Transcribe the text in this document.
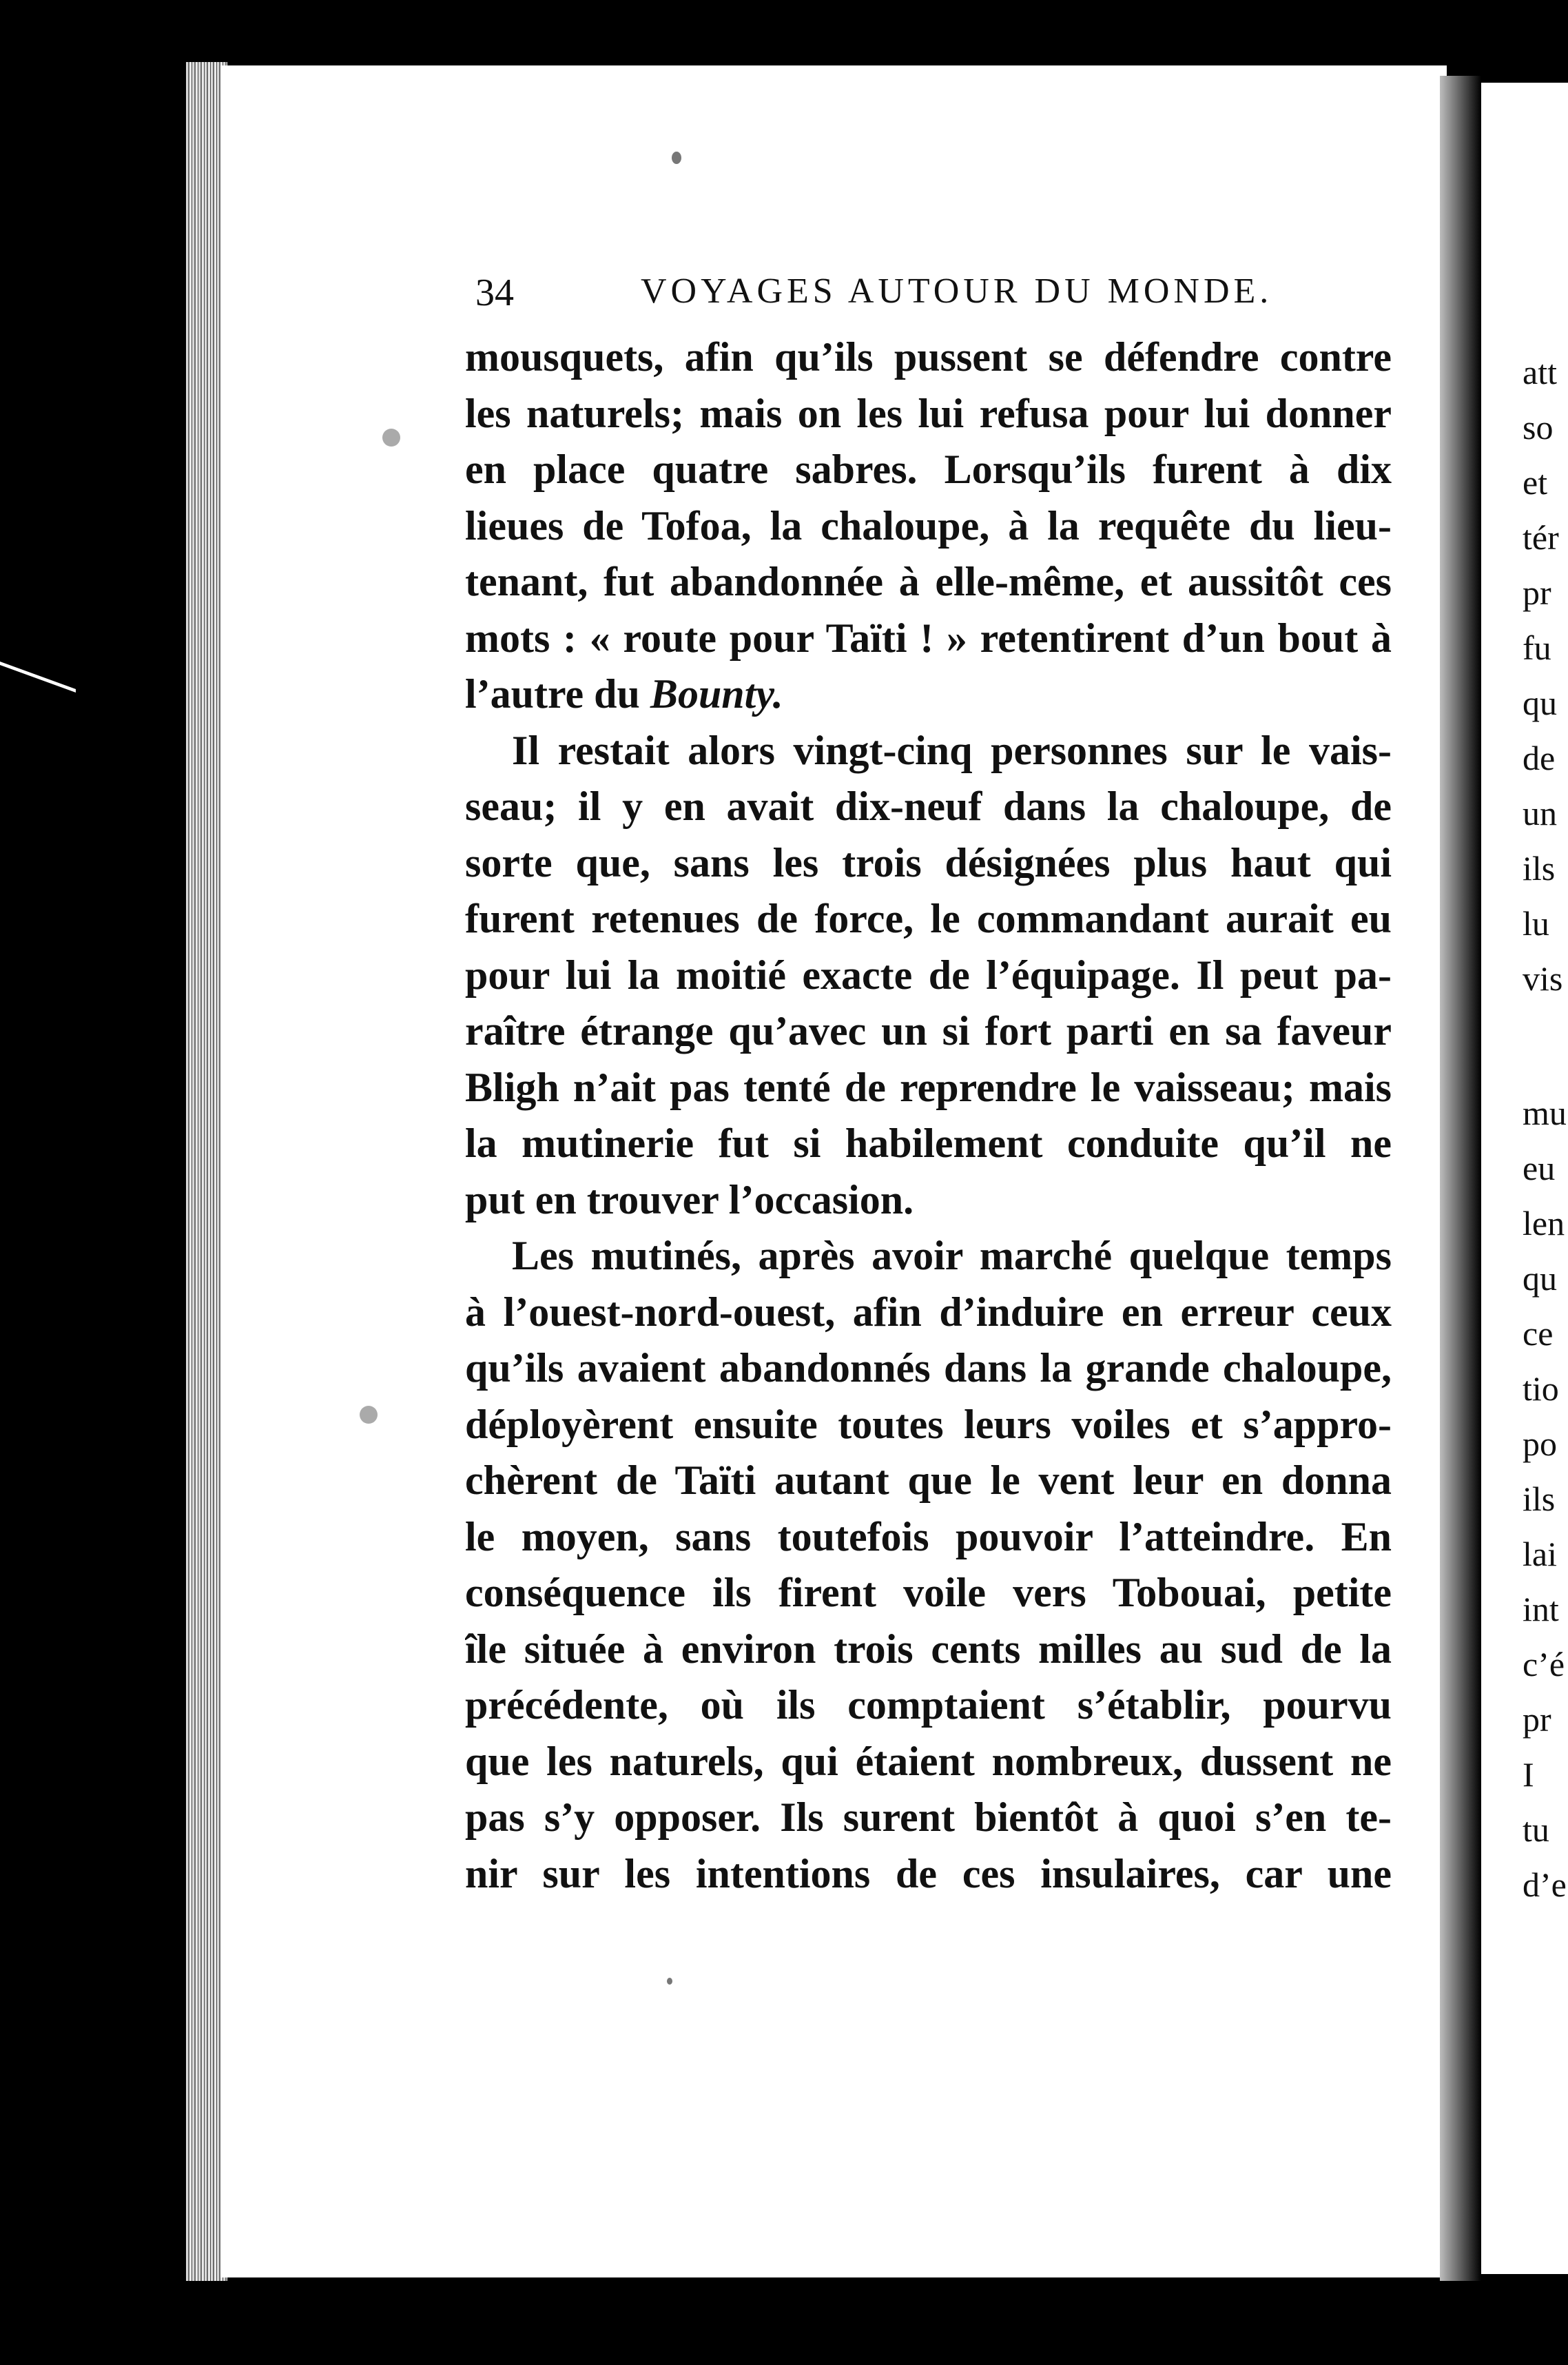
att
so
et
tér
pr
fu
qu
de
un
ils
lu
vis
mu
eu
len
qu
ce
tio
po
ils
lai
int
c’é
pr
I
tu
d’e
34	VOYAGES AUTOUR DU MONDE.
mousquets, afin qu’ils pussent se défendre contre
les naturels; mais on les lui refusa pour lui donner
en place quatre sabres. Lorsqu’ils furent à dix
lieues de Tofoa, la chaloupe, à la requête du lieu-
tenant, fut abandonnée à elle-même, et aussitôt ces
mots : « route pour Taïti ! » retentirent d’un bout à
l’autre du Bounty.
Il restait alors vingt-cinq personnes sur le vais-
seau; il y en avait dix-neuf dans la chaloupe, de
sorte que, sans les trois désignées plus haut qui
furent retenues de force, le commandant aurait eu
pour lui la moitié exacte de l’équipage. Il peut pa-
raître étrange qu’avec un si fort parti en sa faveur
Bligh n’ait pas tenté de reprendre le vaisseau; mais
la mutinerie fut si habilement conduite qu’il ne
put en trouver l’occasion.
Les mutinés, après avoir marché quelque temps
à l’ouest-nord-ouest, afin d’induire en erreur ceux
qu’ils avaient abandonnés dans la grande chaloupe,
déployèrent ensuite toutes leurs voiles et s’appro-
chèrent de Taïti autant que le vent leur en donna
le moyen, sans toutefois pouvoir l’atteindre. En
conséquence ils firent voile vers Tobouai, petite
île située à environ trois cents milles au sud de la
précédente, où ils comptaient s’établir, pourvu
que les naturels, qui étaient nombreux, dussent ne
pas s’y opposer. Ils surent bientôt à quoi s’en te-
nir sur les intentions de ces insulaires, car une
